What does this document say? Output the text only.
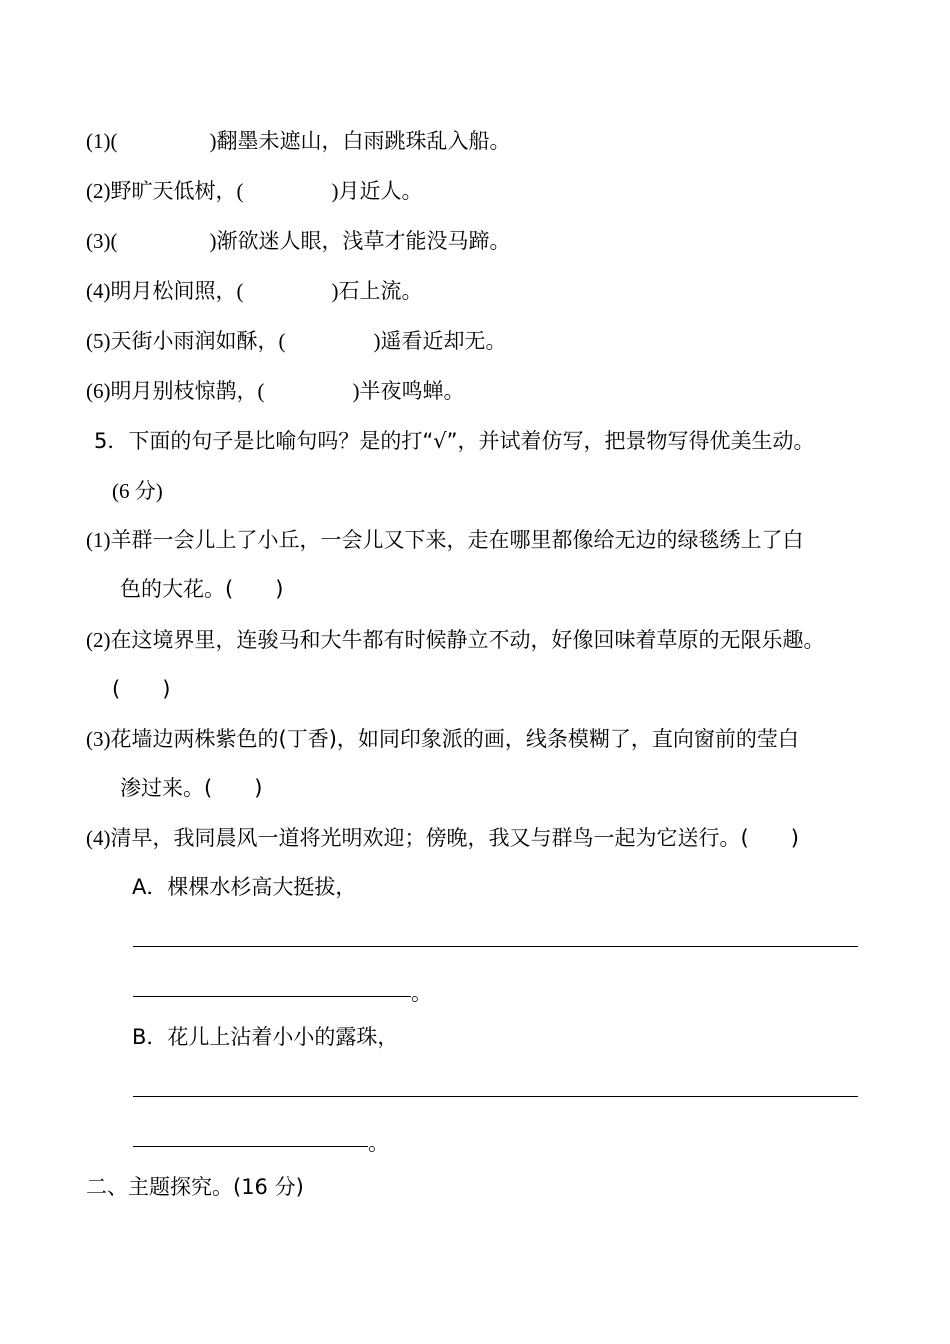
(1)(	)翻墨未遮山，白雨跳珠乱入船。
(2)野旷天低树，(	)月近人。
(3)(	)渐欲迷人眼，浅草才能没马蹄。
(4)明月松间照，(	)石上流。
(5)天街小雨润如酥，(	)遥看近却无。
(6)明月别枝惊鹊，(	)半夜鸣蝉。
5．下面的句子是比喻句吗？是的打“√”，并试着仿写，把景物写得优美生动。
(6 分)
(1)羊群一会儿上了小丘，一会儿又下来，走在哪里都像给无边的绿毯绣上了白
色的大花。(　　)
(2)在这境界里，连骏马和大牛都有时候静立不动，好像回味着草原的无限乐趣。
(　　)
(3)花墙边两株紫色的(丁香)，如同印象派的画，线条模糊了，直向窗前的莹白
渗过来。(　　)
(4)清早，我同晨风一道将光明欢迎；傍晚，我又与群鸟一起为它送行。(　　)
A．棵棵水杉高大挺拔，
。
B．花儿上沾着小小的露珠，
。
二、主题探究。(16 分)
